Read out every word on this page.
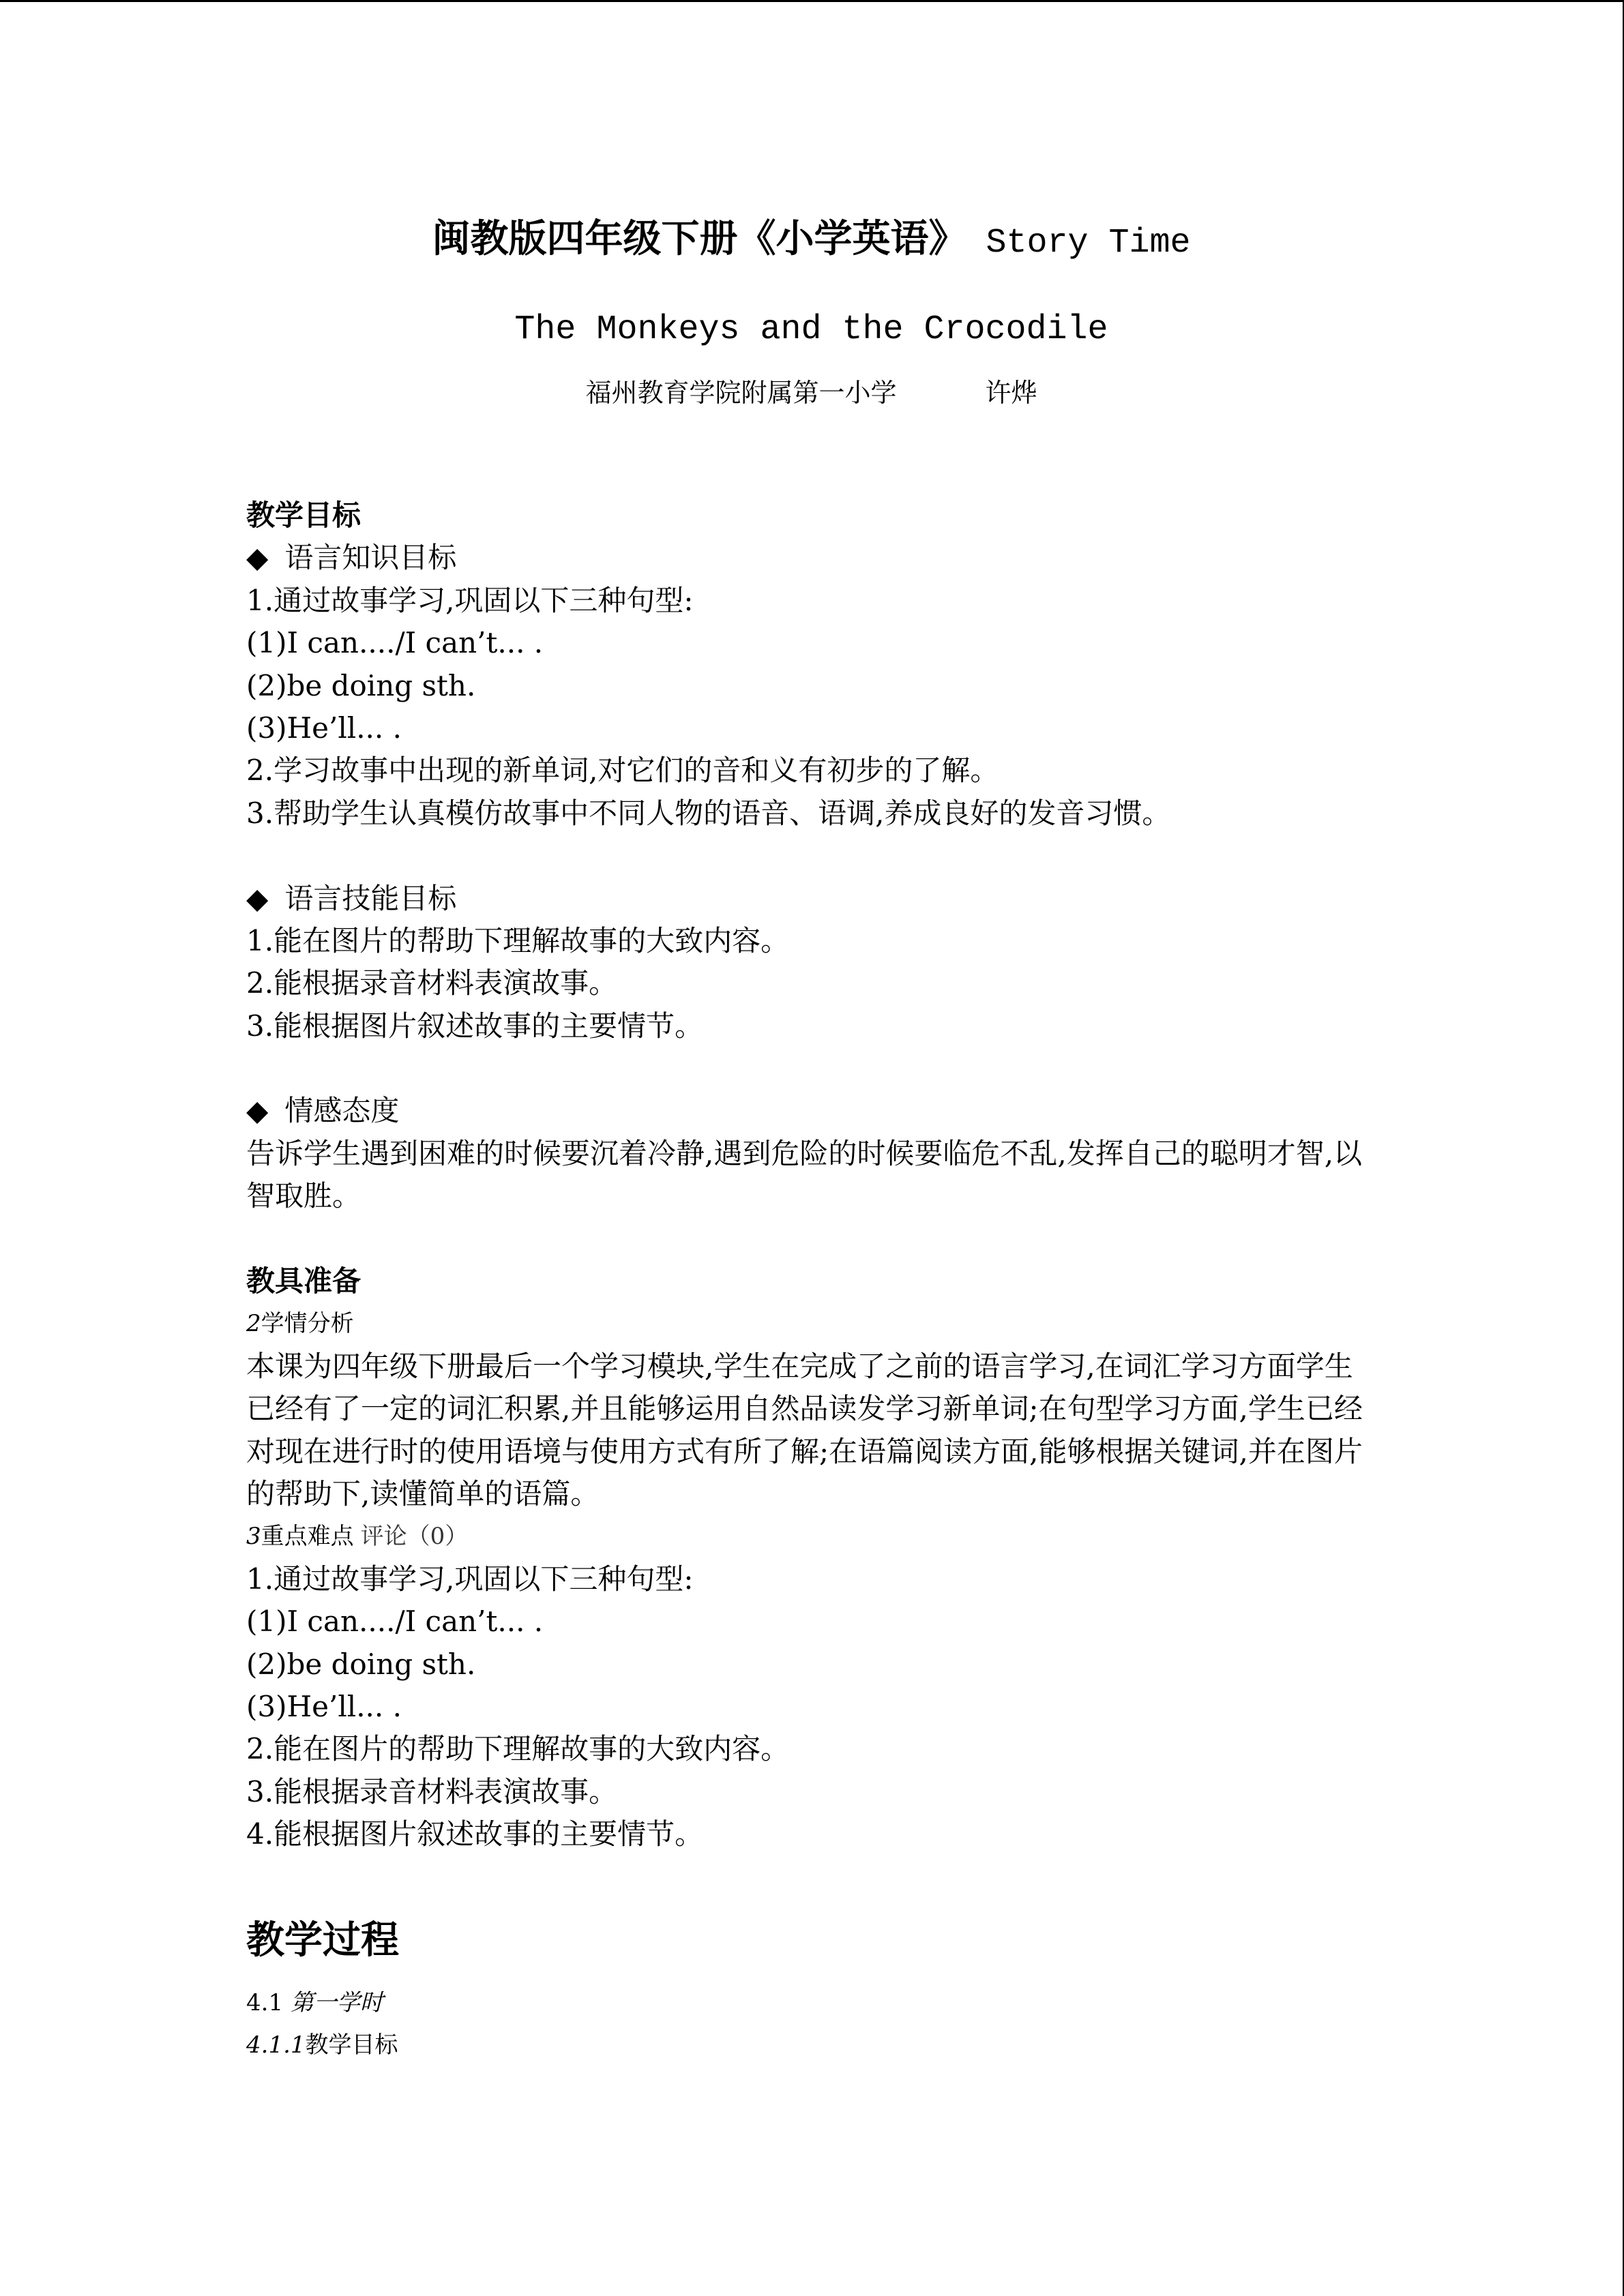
闽教版四年级下册《小学英语》 Story Time
The Monkeys and the Crocodile
福州教育学院附属第一小学	许烨
教学目标
◆ 语言知识目标
1.通过故事学习,巩固以下三种句型:
(1)I can..../I can’t... .
(2)be doing sth.
(3)He’ll... .
2.学习故事中出现的新单词,对它们的音和义有初步的了解。
3.帮助学生认真模仿故事中不同人物的语音、语调,养成良好的发音习惯。
◆ 语言技能目标
1.能在图片的帮助下理解故事的大致内容。
2.能根据录音材料表演故事。
3.能根据图片叙述故事的主要情节。
◆ 情感态度
告诉学生遇到困难的时候要沉着冷静,遇到危险的时候要临危不乱,发挥自己的聪明才智,以
智取胜。
教具准备
2学情分析
本课为四年级下册最后一个学习模块,学生在完成了之前的语言学习,在词汇学习方面学生
已经有了一定的词汇积累,并且能够运用自然品读发学习新单词;在句型学习方面,学生已经
对现在进行时的使用语境与使用方式有所了解;在语篇阅读方面,能够根据关键词,并在图片
的帮助下,读懂简单的语篇。
3重点难点 评论（0）
1.通过故事学习,巩固以下三种句型:
(1)I can..../I can’t... .
(2)be doing sth.
(3)He’ll... .
2.能在图片的帮助下理解故事的大致内容。
3.能根据录音材料表演故事。
4.能根据图片叙述故事的主要情节。
教学过程
4.1 第一学时
4.1.1教学目标
